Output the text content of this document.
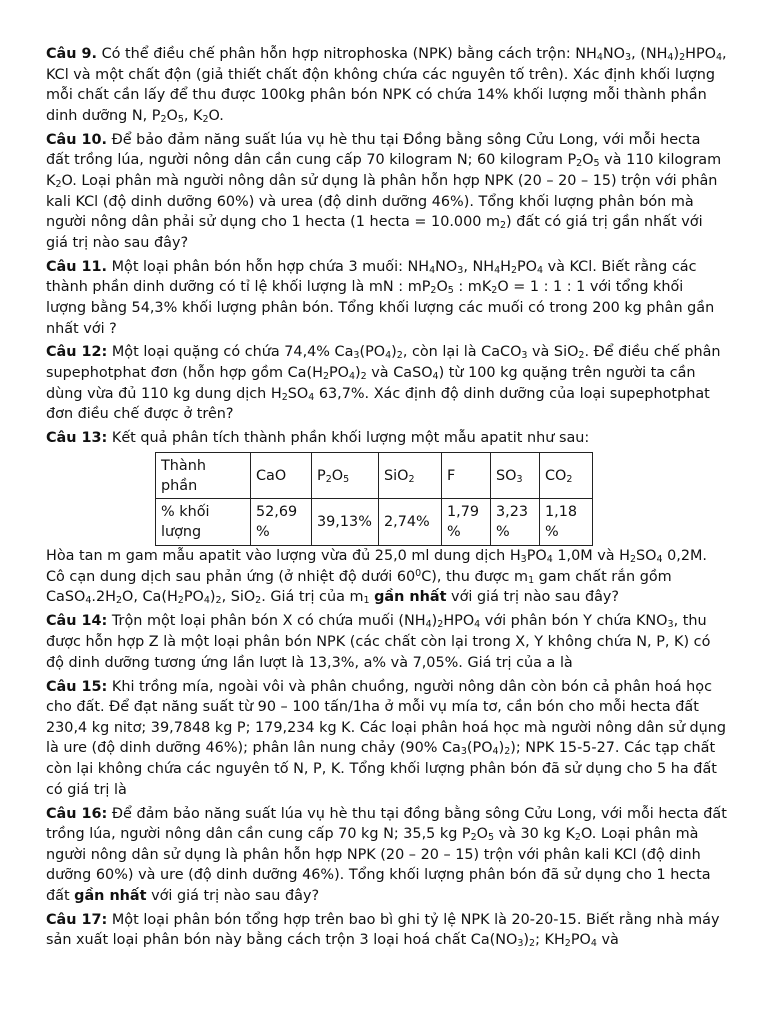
Câu 9. Có thể điều chế phân hỗn hợp nitrophoska (NPK) bằng cách trộn: $NH_4NO_3$, $(NH_4)_2HPO_4$, KCl và một chất độn (giả thiết chất độn không chứa các nguyên tố trên). Xác định khối lượng mỗi chất cần lấy để thu được 100kg phân bón NPK có chứa 14% khối lượng mỗi thành phần dinh dưỡng N, $P_2O_5$, $K_2O$.

Câu 10. Để bảo đảm năng suất lúa vụ hè thu tại Đồng bằng sông Cửu Long, với mỗi hecta đất trồng lúa, người nông dân cần cung cấp 70 kilogram N; 60 kilogram $P_2O_5$ và 110 kilogram $K_2O$. Loại phân mà người nông dân sử dụng là phân hỗn hợp NPK (20 – 20 – 15) trộn với phân kali KCl (độ dinh dưỡng 60%) và urea (độ dinh dưỡng 46%). Tổng khối lượng phân bón mà người nông dân phải sử dụng cho 1 hecta (1 hecta = 10.000 $m_2$) đất có giá trị gần nhất với giá trị nào sau đây?

Câu 11. Một loại phân bón hỗn hợp chứa 3 muối: $NH_4NO_3$, $NH_4H_2PO_4$ và KCl. Biết rằng các thành phần dinh dưỡng có tỉ lệ khối lượng là mN : $mP_2O_5$ : $mK_2O = 1$ : 1 : 1 với tổng khối lượng bằng 54,3% khối lượng phân bón. Tổng khối lượng các muối có trong 200 kg phân gần nhất với ?

Câu 12: Một loại quặng có chứa 74,4% $Ca_3(PO_4)_2$, còn lại là CaCO$_3$ và SiO$_2$. Để điều chế phân supephotphat đơn (hỗn hợp gồm $Ca(H_2PO_4)_2$ và CaSO$_4$) từ 100 kg quặng trên người ta cần dùng vừa đủ 110 kg dung dịch $H_2SO_4$ 63,7%. Xác định độ dinh dưỡng của loại supephotphat đơn điều chế được ở trên?

Câu 13: Kết quả phân tích thành phần khối lượng một mẫu apatit như sau:

Thành phần	CaO	$P_2O_5$	SiO$_2$	F	$SO_3$	$CO_2$
% khối lượng	52,69 %	39,13%	2,74%	1,79 %	3,23 %	1,18 %

Hòa tan m gam mẫu apatit vào lượng vừa đủ 25,0 ml dung dịch $H_3PO_4$ 1,0M và $H_2SO_4$ 0,2M. Cô cạn dung dịch sau phản ứng (ở nhiệt độ dưới $60^0C$), thu được $m_1$ gam chất rắn gồm $CaSO_4.2H_2O$, $Ca(H_2PO_4)_2$, SiO$_2$. Giá trị của $m_1$ gần nhất với giá trị nào sau đây?

Câu 14: Trộn một loại phân bón X có chứa muối $(NH_4)_2HPO_4$ với phân bón Y chứa $KNO_3$, thu được hỗn hợp Z là một loại phân bón NPK (các chất còn lại trong X, Y không chứa N, P, K) có độ dinh dưỡng tương ứng lần lượt là 13,3%, a% và 7,05%. Giá trị của a là

Câu 15: Khi trồng mía, ngoài vôi và phân chuồng, người nông dân còn bón cả phân hoá học cho đất. Để đạt năng suất từ 90 – 100 tấn/1ha ở mỗi vụ mía tơ, cần bón cho mỗi hecta đất 230,4 kg nitơ; 39,7848 kg P; 179,234 kg K. Các loại phân hoá học mà người nông dân sử dụng là ure (độ dinh dưỡng 46%); phân lân nung chảy (90% $Ca_3(PO_4)_2$); NPK 15-5-27. Các tạp chất còn lại không chứa các nguyên tố N, P, K. Tổng khối lượng phân bón đã sử dụng cho 5 ha đất có giá trị là

Câu 16: Để đảm bảo năng suất lúa vụ hè thu tại đồng bằng sông Cửu Long, với mỗi hecta đất trồng lúa, người nông dân cần cung cấp 70 kg N; 35,5 kg $P_2O_5$ và 30 kg $K_2O$. Loại phân mà người nông dân sử dụng là phân hỗn hợp NPK (20 – 20 – 15) trộn với phân kali KCl (độ dinh dưỡng 60%) và ure (độ dinh dưỡng 46%). Tổng khối lượng phân bón đã sử dụng cho 1 hecta đất gần nhất với giá trị nào sau đây?

Câu 17: Một loại phân bón tổng hợp trên bao bì ghi tỷ lệ NPK là 20-20-15. Biết rằng nhà máy sản xuất loại phân bón này bằng cách trộn 3 loại hoá chất $Ca(NO_3)_2$; $KH_2PO_4$ và
